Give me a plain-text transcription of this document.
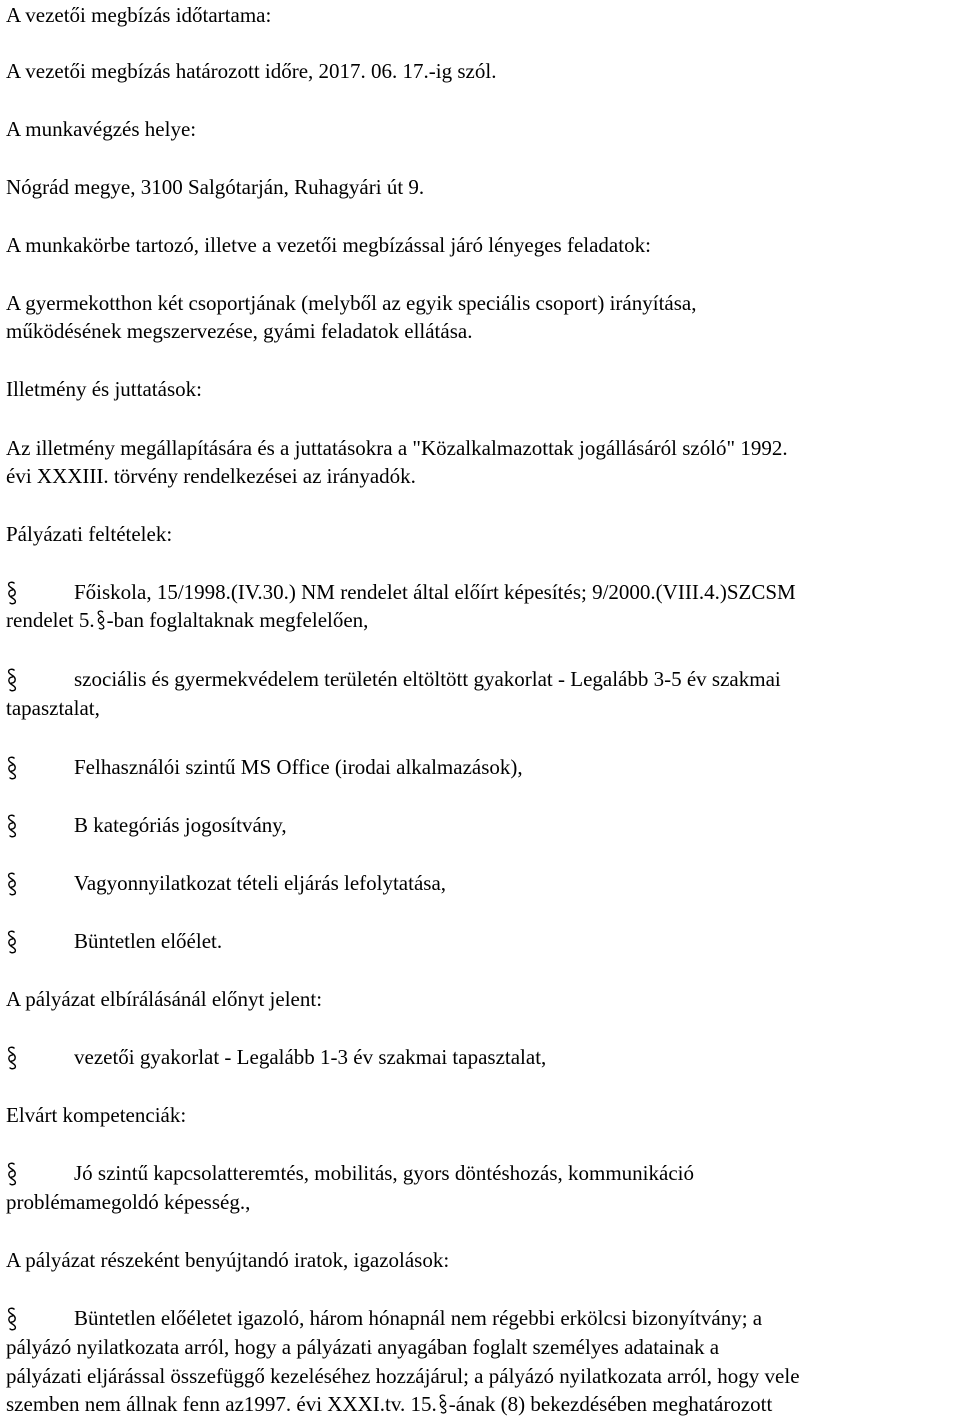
A vezetői megbízás időtartama:
A vezetői megbízás határozott időre, 2017. 06. 17.-ig szól.
A munkavégzés helye:
Nógrád megye, 3100 Salgótarján, Ruhagyári út 9.
A munkakörbe tartozó, illetve a vezetői megbízással járó lényeges feladatok:
A gyermekotthon két csoportjának (melyből az egyik speciális csoport) irányítása,
működésének megszervezése, gyámi feladatok ellátása.
Illetmény és juttatások:
Az illetmény megállapítására és a juttatásokra a "Közalkalmazottak jogállásáról szóló" 1992.
évi XXXIII. törvény rendelkezései az irányadók.
Pályázati feltételek:
Főiskola, 15/1998.(IV.30.) NM rendelet által előírt képesítés; 9/2000.(VIII.4.)SZCSM
rendelet 5. -ban foglaltaknak megfelelően,
szociális és gyermekvédelem területén eltöltött gyakorlat - Legalább 3-5 év szakmai
tapasztalat,
Felhasználói szintű MS Office (irodai alkalmazások),
B kategóriás jogosítvány,
Vagyonnyilatkozat tételi eljárás lefolytatása,
Büntetlen előélet.
A pályázat elbírálásánál előnyt jelent:
vezetői gyakorlat - Legalább 1-3 év szakmai tapasztalat,
Elvárt kompetenciák:
Jó szintű kapcsolatteremtés, mobilitás, gyors döntéshozás, kommunikáció
problémamegoldó képesség.,
A pályázat részeként benyújtandó iratok, igazolások:
Büntetlen előéletet igazoló, három hónapnál nem régebbi erkölcsi bizonyítvány; a
pályázó nyilatkozata arról, hogy a pályázati anyagában foglalt személyes adatainak a
pályázati eljárással összefüggő kezeléséhez hozzájárul; a pályázó nyilatkozata arról, hogy vele
szemben nem állnak fenn az1997. évi XXXI.tv. 15. -ának (8) bekezdésében meghatározott
